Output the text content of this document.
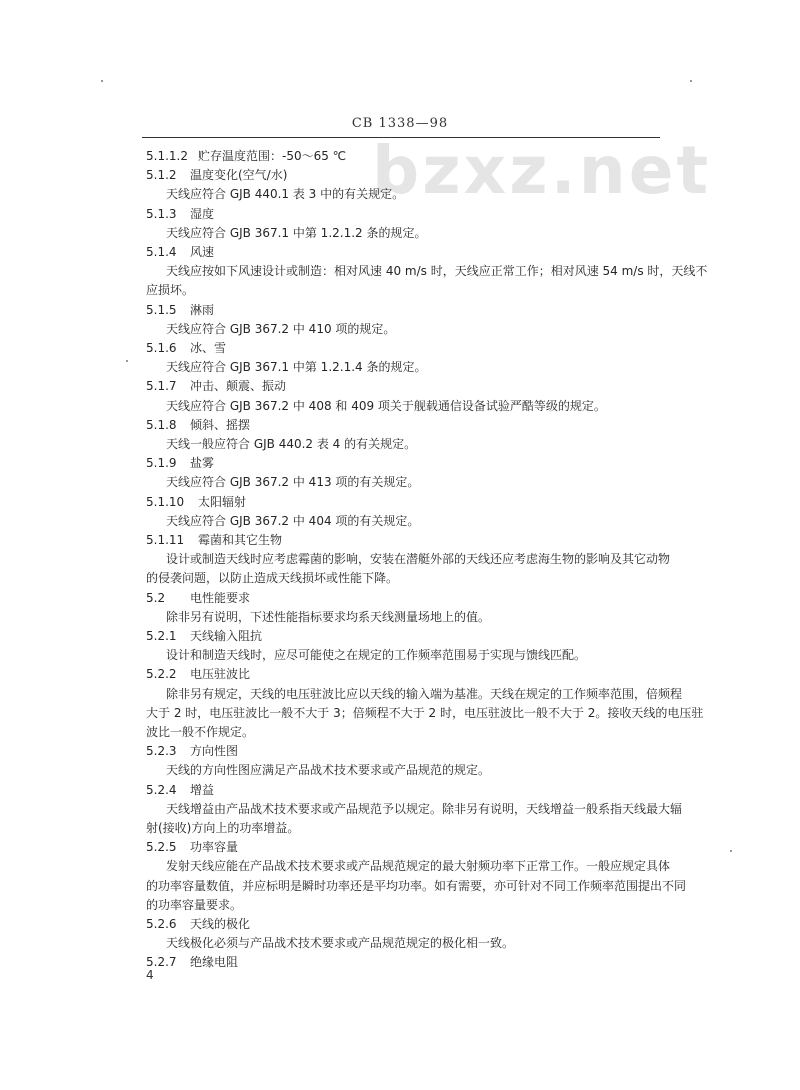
bzxz.net
CB 1338—98
5.1.1.2 贮存温度范围：-50～65 ℃
5.1.2 温度变化(空气/水)
天线应符合 GJB 440.1 表 3 中的有关规定。
5.1.3 湿度
天线应符合 GJB 367.1 中第 1.2.1.2 条的规定。
5.1.4 风速
天线应按如下风速设计或制造：相对风速 40 m/s 时，天线应正常工作；相对风速 54 m/s 时，天线不
应损坏。
5.1.5 淋雨
天线应符合 GJB 367.2 中 410 项的规定。
5.1.6 冰、雪
天线应符合 GJB 367.1 中第 1.2.1.4 条的规定。
5.1.7 冲击、颠震、振动
天线应符合 GJB 367.2 中 408 和 409 项关于舰载通信设备试验严酷等级的规定。
5.1.8 倾斜、摇摆
天线一般应符合 GJB 440.2 表 4 的有关规定。
5.1.9 盐雾
天线应符合 GJB 367.2 中 413 项的有关规定。
5.1.10 太阳辐射
天线应符合 GJB 367.2 中 404 项的有关规定。
5.1.11 霉菌和其它生物
设计或制造天线时应考虑霉菌的影响，安装在潜艇外部的天线还应考虑海生物的影响及其它动物
的侵袭问题，以防止造成天线损坏或性能下降。
5.2 电性能要求
除非另有说明，下述性能指标要求均系天线测量场地上的值。
5.2.1 天线输入阻抗
设计和制造天线时，应尽可能使之在规定的工作频率范围易于实现与馈线匹配。
5.2.2 电压驻波比
除非另有规定，天线的电压驻波比应以天线的输入端为基准。天线在规定的工作频率范围，倍频程
大于 2 时，电压驻波比一般不大于 3；倍频程不大于 2 时，电压驻波比一般不大于 2。接收天线的电压驻
波比一般不作规定。
5.2.3 方向性图
天线的方向性图应满足产品战术技术要求或产品规范的规定。
5.2.4 增益
天线增益由产品战术技术要求或产品规范予以规定。除非另有说明，天线增益一般系指天线最大辐
射(接收)方向上的功率增益。
5.2.5 功率容量
发射天线应能在产品战术技术要求或产品规范规定的最大射频功率下正常工作。一般应规定具体
的功率容量数值，并应标明是瞬时功率还是平均功率。如有需要，亦可针对不同工作频率范围提出不同
的功率容量要求。
5.2.6 天线的极化
天线极化必须与产品战术技术要求或产品规范规定的极化相一致。
5.2.7 绝缘电阻
4
